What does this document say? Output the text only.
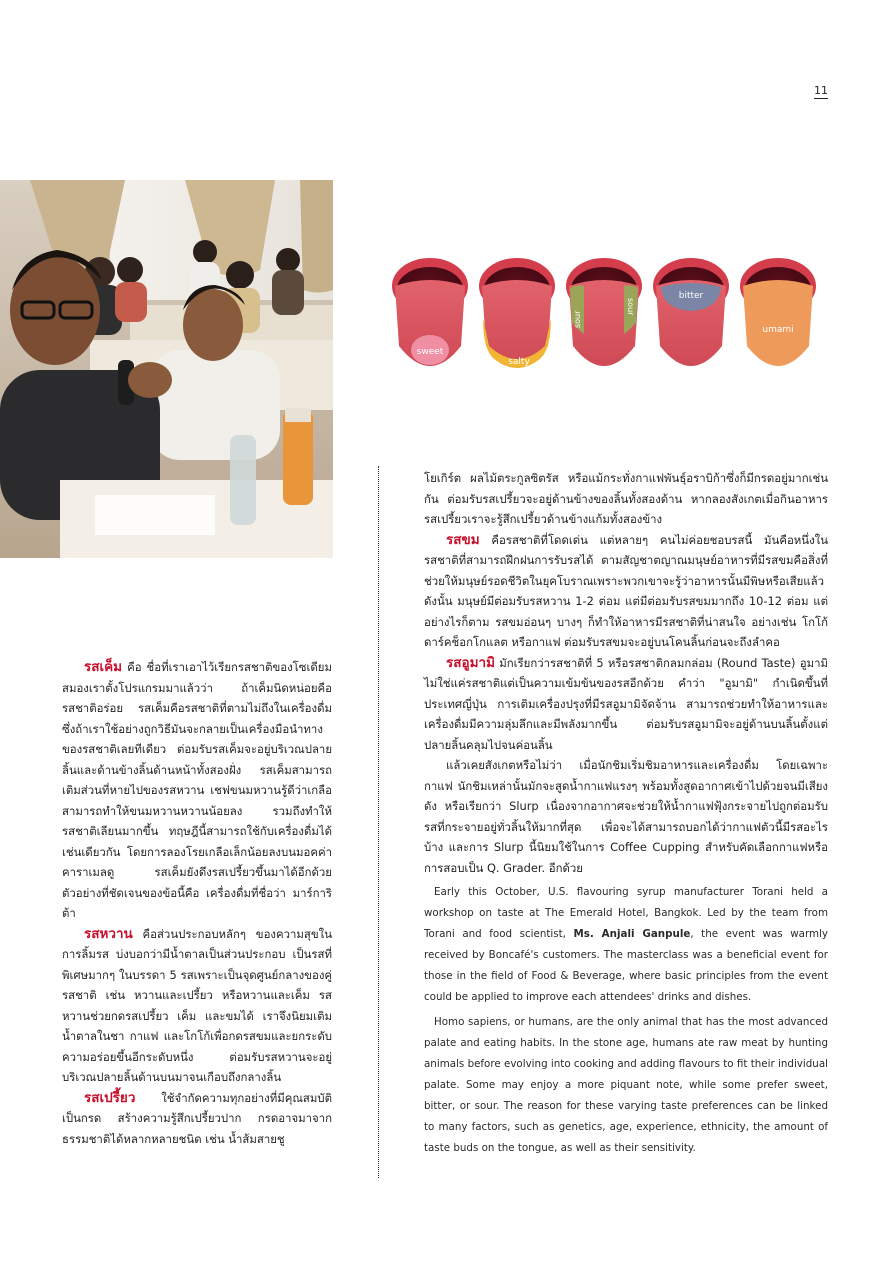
11
sweet
salty
sour
sour
bitter
umami

รสเค็ม คือ ชื่อที่เราเอาไว้เรียกรสชาติของโซเดียม สมองเราตั้งโปรแกรมมาแล้วว่า ถ้าเค็มนิดหน่อยคือรสชาติอร่อย รสเค็มคือรสชาติที่ตามไม่ถึงในเครื่องดื่ม ซึ่งถ้าเราใช้อย่างถูกวิธีมันจะกลายเป็นเครื่องมือนำทางของรสชาติเลยทีเดียว ต่อมรับรสเค็มจะอยู่บริเวณปลายลิ้นและด้านข้างลิ้นด้านหน้าทั้งสองฝั่ง รสเค็มสามารถเติมส่วนที่หายไปของรสหวาน เชฟขนมหวานรู้ดีว่าเกลือสามารถทำให้ขนมหวานหวานน้อยลง รวมถึงทำให้รสชาติเลียนมากขึ้น ทฤษฎีนี้สามารถใช้กับเครื่องดื่มได้เช่นเดียวกัน โดยการลองโรยเกลือเล็กน้อยลงบนมอคค่าคาราเมลดู รสเค็มยังดึงรสเปรี้ยวขึ้นมาได้อีกด้วย ตัวอย่างที่ชัดเจนของข้อนี้คือ เครื่องดื่มที่ชื่อว่า มาร์การิต้า

รสหวาน คือส่วนประกอบหลักๆ ของความสุขในการลิ้มรส บ่งบอกว่ามีน้ำตาลเป็นส่วนประกอบ เป็นรสที่พิเศษมากๆ ในบรรดา 5 รสเพราะเป็นจุดศูนย์กลางของคู่รสชาติ เช่น หวานและเปรี้ยว หรือหวานและเค็ม รสหวานช่วยกดรสเปรี้ยว เค็ม และขมได้ เราจึงนิยมเติมน้ำตาลในชา กาแฟ และโกโก้เพื่อกดรสขมและยกระดับความอร่อยขึ้นอีกระดับหนึ่ง ต่อมรับรสหวานจะอยู่บริเวณปลายลิ้นด้านบนมาจนเกือบถึงกลางลิ้น

รสเปรี้ยว ใช้จำกัดความทุกอย่างที่มีคุณสมบัติเป็นกรด สร้างความรู้สึกเปรี้ยวปาก กรดอาจมาจากธรรมชาติได้หลากหลายชนิด เช่น น้ำส้มสายชู

โยเกิร์ต ผลไม้ตระกูลซิตรัส หรือแม้กระทั่งกาแฟพันธุ์อราบิก้าซึ่งก็มีกรดอยู่มากเช่นกัน ต่อมรับรสเปรี้ยวจะอยู่ด้านข้างของลิ้นทั้งสองด้าน หากลองสังเกตเมื่อกินอาหารรสเปรี้ยวเราจะรู้สึกเปรี้ยวด้านข้างแก้มทั้งสองข้าง

รสขม คือรสชาติที่โดดเด่น แต่หลายๆ คนไม่ค่อยชอบรสนี้ มันคือหนึ่งในรสชาติที่สามารถฝึกฝนการรับรสได้ ตามสัญชาตญาณมนุษย์อาหารที่มีรสขมคือสิ่งที่ช่วยให้มนุษย์รอดชีวิตในยุคโบราณเพราะพวกเขาจะรู้ว่าอาหารนั้นมีพิษหรือเสียแล้ว ดังนั้น มนุษย์มีต่อมรับรสหวาน 1-2 ต่อม แต่มีต่อมรับรสขมมากถึง 10-12 ต่อม แต่อย่างไรก็ตาม รสขมอ่อนๆ บางๆ ก็ทำให้อาหารมีรสชาติที่น่าสนใจ อย่างเช่น โกโก้ ดาร์คช็อกโกแลต หรือกาแฟ ต่อมรับรสขมจะอยู่บนโคนลิ้นก่อนจะถึงลำคอ

รสอูมามิ มักเรียกว่ารสชาติที่ 5 หรือรสชาติกลมกล่อม (Round Taste) อูมามิไม่ใช่แค่รสชาติแต่เป็นความเข้มข้นของรสอีกด้วย คำว่า "อูมามิ" กำเนิดขึ้นที่ประเทศญี่ปุ่น การเติมเครื่องปรุงที่มีรสอูมามิจัดจ้าน สามารถช่วยทำให้อาหารและเครื่องดื่มมีความลุ่มลึกและมีพลังมากขึ้น ต่อมรับรสอูมามิจะอยู่ด้านบนลิ้นตั้งแต่ปลายลิ้นคลุมไปจนค่อนลิ้น

แล้วเคยสังเกตหรือไม่ว่า เมื่อนักชิมเริ่มชิมอาหารและเครื่องดื่ม โดยเฉพาะกาแฟ นักชิมเหล่านั้นมักจะสูดน้ำกาแฟแรงๆ พร้อมทั้งสูดอากาศเข้าไปด้วยจนมีเสียงดัง หรือเรียกว่า Slurp เนื่องจากอากาศจะช่วยให้น้ำกาแฟฟุ้งกระจายไปถูกต่อมรับรสที่กระจายอยู่ทั่วลิ้นให้มากที่สุด เพื่อจะได้สามารถบอกได้ว่ากาแฟตัวนี้มีรสอะไรบ้าง และการ Slurp นี้นิยมใช้ในการ Coffee Cupping สำหรับคัดเลือกกาแฟหรือการสอบเป็น Q. Grader. อีกด้วย

Early this October, U.S. flavouring syrup manufacturer Torani held a workshop on taste at The Emerald Hotel, Bangkok. Led by the team from Torani and food scientist, Ms. Anjali Ganpule, the event was warmly received by Boncafé's customers. The masterclass was a beneficial event for those in the field of Food & Beverage, where basic principles from the event could be applied to improve each attendees' drinks and dishes.

Homo sapiens, or humans, are the only animal that has the most advanced palate and eating habits. In the stone age, humans ate raw meat by hunting animals before evolving into cooking and adding flavours to fit their individual palate. Some may enjoy a more piquant note, while some prefer sweet, bitter, or sour. The reason for these varying taste preferences can be linked to many factors, such as genetics, age, experience, ethnicity, the amount of taste buds on the tongue, as well as their sensitivity.
